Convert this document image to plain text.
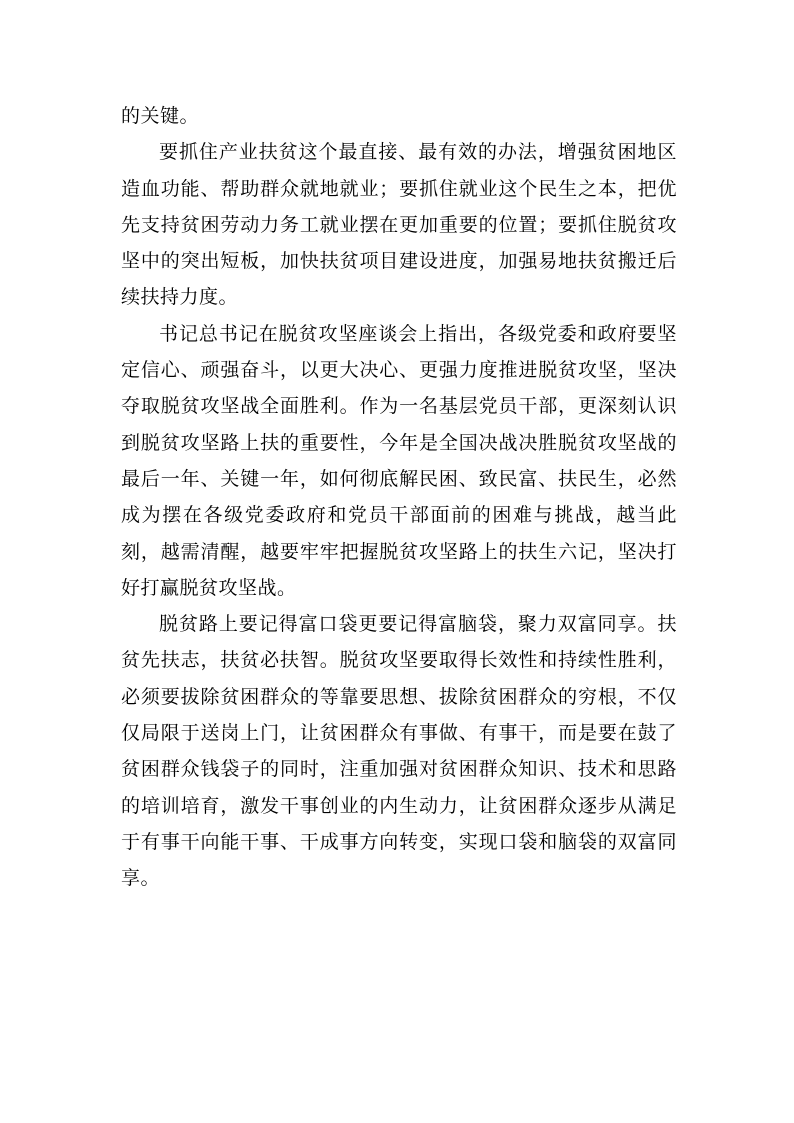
的关键。

要抓住产业扶贫这个最直接、最有效的办法，增强贫困地区造血功能、帮助群众就地就业；要抓住就业这个民生之本，把优先支持贫困劳动力务工就业摆在更加重要的位置；要抓住脱贫攻坚中的突出短板，加快扶贫项目建设进度，加强易地扶贫搬迁后续扶持力度。

书记总书记在脱贫攻坚座谈会上指出，各级党委和政府要坚定信心、顽强奋斗，以更大决心、更强力度推进脱贫攻坚，坚决夺取脱贫攻坚战全面胜利。作为一名基层党员干部，更深刻认识到脱贫攻坚路上扶的重要性，今年是全国决战决胜脱贫攻坚战的最后一年、关键一年，如何彻底解民困、致民富、扶民生，必然成为摆在各级党委政府和党员干部面前的困难与挑战，越当此刻，越需清醒，越要牢牢把握脱贫攻坚路上的扶生六记，坚决打好打赢脱贫攻坚战。

脱贫路上要记得富口袋更要记得富脑袋，聚力双富同享。扶贫先扶志，扶贫必扶智。脱贫攻坚要取得长效性和持续性胜利，必须要拔除贫困群众的等靠要思想、拔除贫困群众的穷根，不仅仅局限于送岗上门，让贫困群众有事做、有事干，而是要在鼓了贫困群众钱袋子的同时，注重加强对贫困群众知识、技术和思路的培训培育，激发干事创业的内生动力，让贫困群众逐步从满足于有事干向能干事、干成事方向转变，实现口袋和脑袋的双富同享。
